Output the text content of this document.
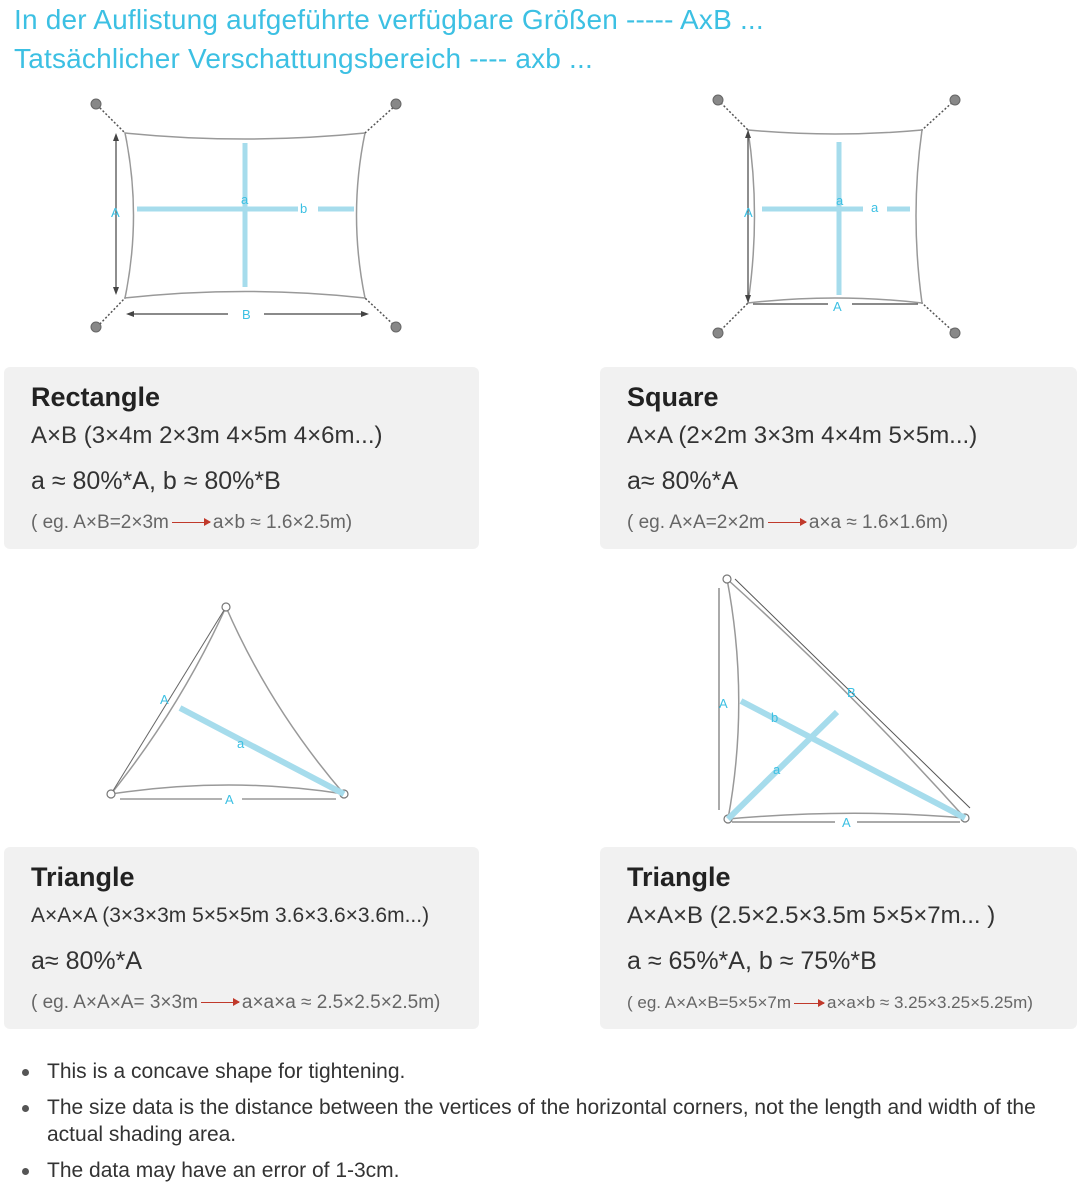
In der Auflistung aufgeführte verfügbare Größen ----- AxB ...
Tatsächlicher Verschattungsbereich ---- axb ...
A
a
b
B
A
a a
A
A
a
A
A
b
B
a
A
Rectangle
A×B (3×4m 2×3m 4×5m 4×6m...)
a ≈ 80%*A, b ≈ 80%*B
( eg. A×B=2×3m a×b ≈ 1.6×2.5m)
Square
A×A (2×2m 3×3m 4×4m 5×5m...)
a≈ 80%*A
( eg. A×A=2×2m a×a ≈ 1.6×1.6m)
Triangle
A×A×A (3×3×3m 5×5×5m 3.6×3.6×3.6m...)
a≈ 80%*A
( eg. A×A×A= 3×3m a×a×a ≈ 2.5×2.5×2.5m)
Triangle
A×A×B (2.5×2.5×3.5m 5×5×7m... )
a ≈ 65%*A, b ≈ 75%*B
( eg. A×A×B=5×5×7m a×a×b ≈ 3.25×3.25×5.25m)
This is a concave shape for tightening.
The size data is the distance between the vertices of the horizontal corners, not the length and width of the actual shading area.
The data may have an error of 1-3cm.
